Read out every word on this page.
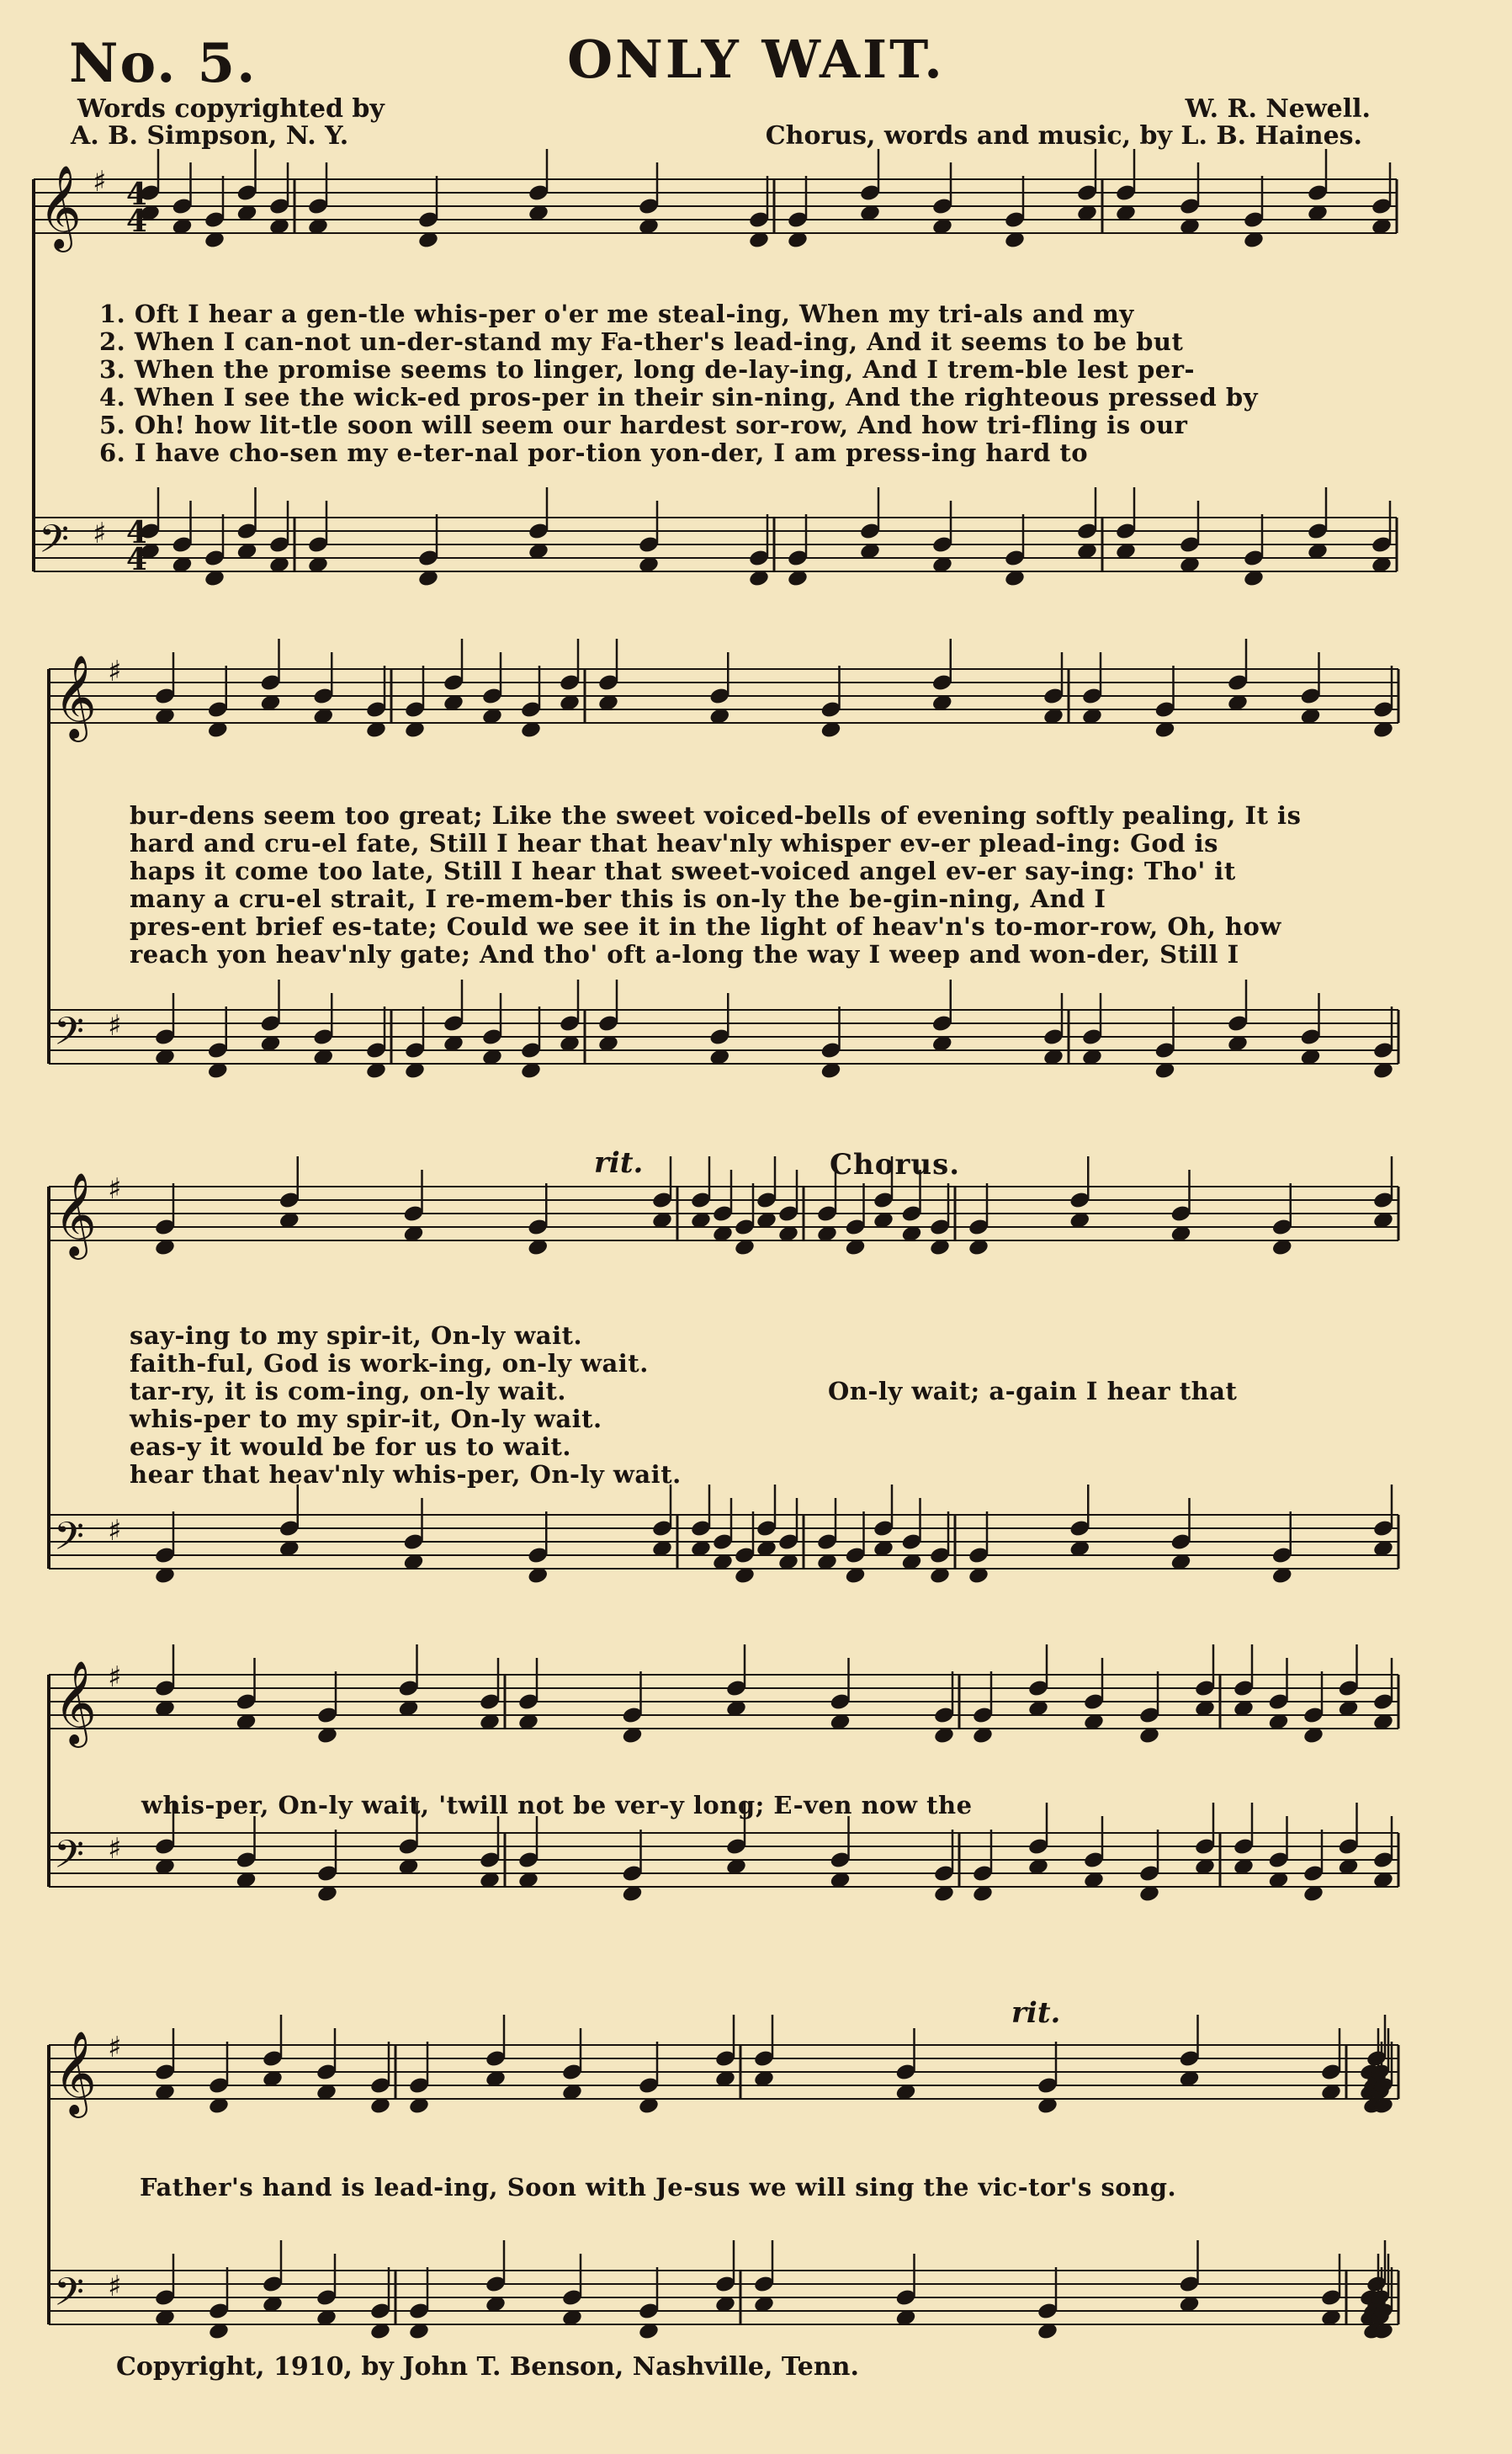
No. 5.	ONLY WAIT.
Words copyrighted by
A. B. Simpson, N. Y.
W. R. Newell.
Chorus, words and music, by L. B. Haines.
𝄞 ♯
𝄢 ♯
𝄞 ♯
𝄢 ♯
𝄞 ♯
𝄢 ♯
𝄞 ♯
𝄢 ♯
𝄞 ♯
𝄢 ♯
4
4
4
4
1. Oft I hear a gen-tle whis-per o'er me steal-ing, When my tri-als and my
2. When I can-not un-der-stand my Fa-ther's lead-ing, And it seems to be but
3. When the promise seems to linger, long de-lay-ing, And I trem-ble lest per-
4. When I see the wick-ed pros-per in their sin-ning, And the righteous pressed by
5. Oh! how lit-tle soon will seem our hardest sor-row, And how tri-fling is our
6. I have cho-sen my e-ter-nal por-tion yon-der, I am press-ing hard to
bur-dens seem too great; Like the sweet voiced-bells of evening softly pealing, It is
hard and cru-el fate, Still I hear that heav'nly whisper ev-er plead-ing: God is
haps it come too late, Still I hear that sweet-voiced angel ev-er say-ing: Tho' it
many a cru-el strait, I re-mem-ber this is on-ly the be-gin-ning, And I
pres-ent brief es-tate; Could we see it in the light of heav'n's to-mor-row, Oh, how
reach yon heav'nly gate; And tho' oft a-long the way I weep and won-der, Still I
rit.	Chorus.
say-ing to my spir-it, On-ly wait.
faith-ful, God is work-ing, on-ly wait.
tar-ry, it is com-ing, on-ly wait.
whis-per to my spir-it, On-ly wait.
eas-y it would be for us to wait.
hear that heav'nly whis-per, On-ly wait.
On-ly wait; a-gain I hear that
whis-per, On-ly wait, 'twill not be ver-y long; E-ven now the
rit.
Father's hand is lead-ing, Soon with Je-sus we will sing the vic-tor's song.
Copyright, 1910, by John T. Benson, Nashville, Tenn.
